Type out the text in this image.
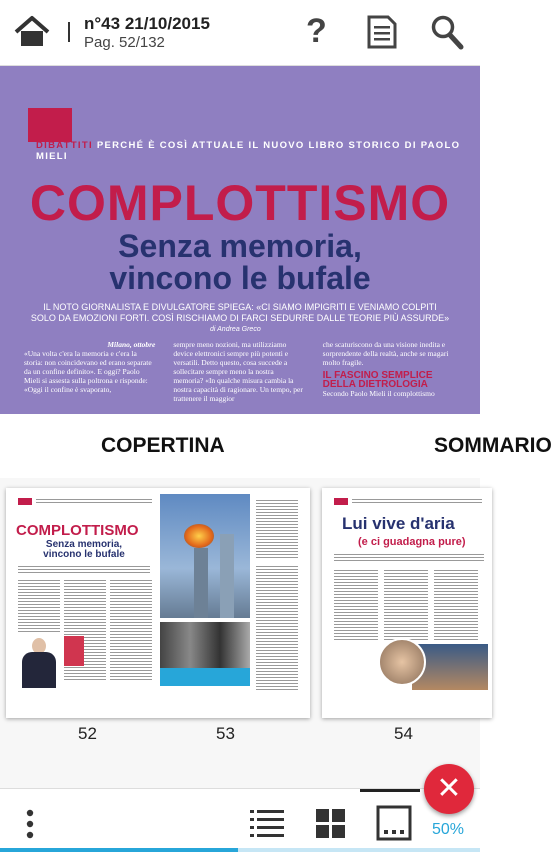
n°43 21/10/2015
Pag. 52/132	?
DIBATTITI PERCHÉ È COSÌ ATTUALE IL NUOVO LIBRO STORICO DI PAOLO MIELI
COMPLOTTISMO
Senza memoria,
vincono le bufale
IL NOTO GIORNALISTA E DIVULGATORE SPIEGA: «CI SIAMO IMPIGRITI E VENIAMO COLPITI SOLO DA EMOZIONI FORTI. COSÌ RISCHIAMO DI FARCI SEDURRE DALLE TEORIE PIÙ ASSURDE»
di Andrea Greco
Milano, ottobre
«Una volta c'era la memoria e c'era la storia: non coincidevano ed erano separate da un confine definito». E oggi? Paolo Mieli si assesta sulla poltrona e risponde: «Oggi il confine è svaporato,
sempre meno nozioni, ma utilizziamo device elettronici sempre più potenti e versatili. Detto questo, cosa succede a sollecitare sempre meno la nostra memoria? «In qualche misura cambia la nostra capacità di ragionare. Un tempo, per trattenere il maggior
che scaturiscono da una visione inedita e sorprendente della realtà, anche se magari molto fragile.
IL FASCINO SEMPLICE DELLA DIETROLOGIA
Secondo Paolo Mieli il complottismo
COPERTINA	SOMMARIO
COMPLOTTISMO
Senza memoria, vincono le bufale
Lui vive d'aria
(e ci guadagna pure)
52	53	54
50%
✕
